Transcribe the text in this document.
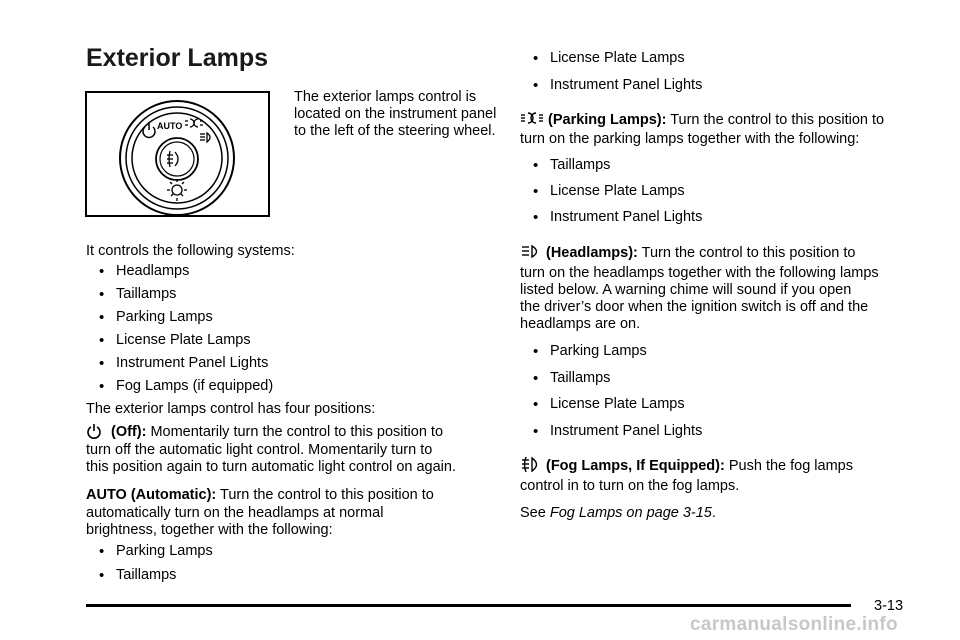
Exterior Lamps
AUTO

The exterior lamps control is located on the instrument panel to the left of the steering wheel.

It controls the following systems:

• Headlamps

• Taillamps

• Parking Lamps

• License Plate Lamps

• Instrument Panel Lights

• Fog Lamps (if equipped)

The exterior lamps control has four positions:

(Off): Momentarily turn the control to this position to

turn off the automatic light control. Momentarily turn to

this position again to turn automatic light control on again.

AUTO (Automatic): Turn the control to this position to

automatically turn on the headlamps at normal

brightness, together with the following:

• Parking Lamps

• Taillamps

• License Plate Lamps

• Instrument Panel Lights

(Parking Lamps): Turn the control to this position to

turn on the parking lamps together with the following:

• Taillamps

• License Plate Lamps

• Instrument Panel Lights

(Headlamps): Turn the control to this position to

turn on the headlamps together with the following lamps

listed below. A warning chime will sound if you open

the driver’s door when the ignition switch is off and the

headlamps are on.

• Parking Lamps

• Taillamps

• License Plate Lamps

• Instrument Panel Lights

(Fog Lamps, If Equipped): Push the fog lamps

control in to turn on the fog lamps.

See Fog Lamps on page 3-15.

3-13
carmanualsonline.info
